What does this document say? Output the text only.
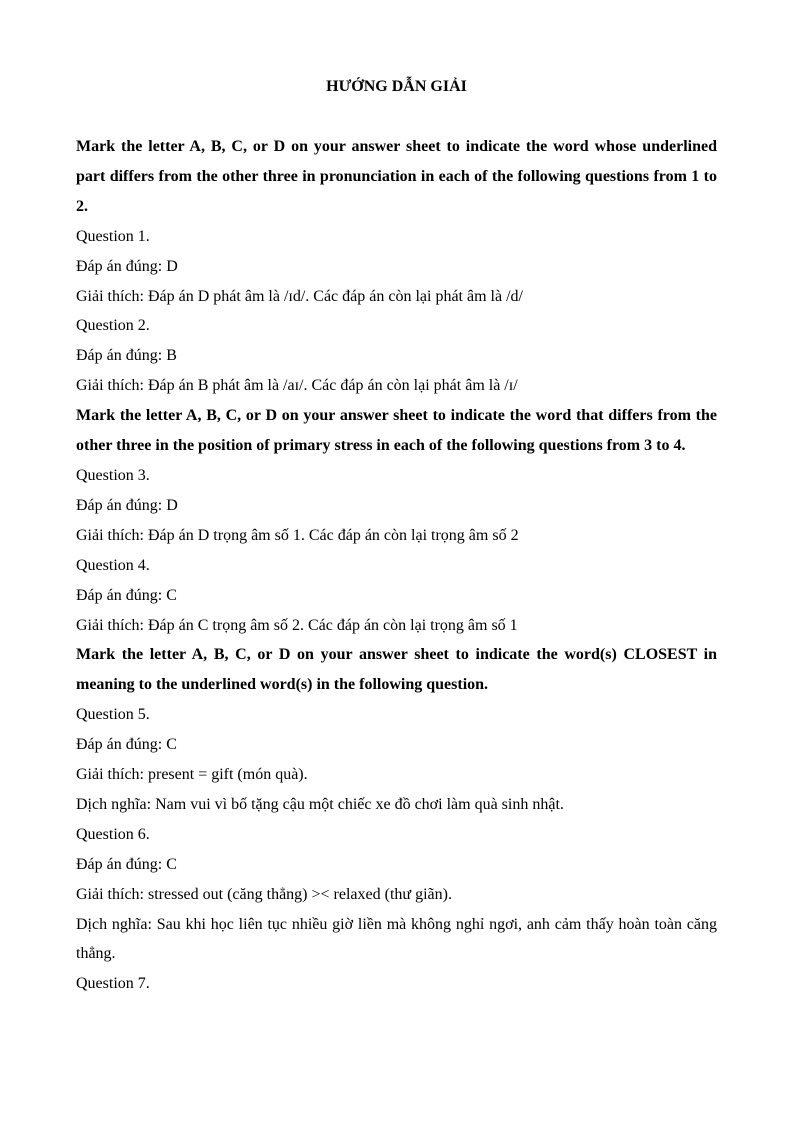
HƯỚNG DẪN GIẢI

Mark the letter A, B, C, or D on your answer sheet to indicate the word whose underlined part differs from the other three in pronunciation in each of the following questions from 1 to 2.

Question 1.

Đáp án đúng: D

Giải thích: Đáp án D phát âm là /ɪd/. Các đáp án còn lại phát âm là /d/

Question 2.

Đáp án đúng: B

Giải thích: Đáp án B phát âm là /aɪ/. Các đáp án còn lại phát âm là /ɪ/

Mark the letter A, B, C, or D on your answer sheet to indicate the word that differs from the other three in the position of primary stress in each of the following questions from 3 to 4.

Question 3.

Đáp án đúng: D

Giải thích: Đáp án D trọng âm số 1. Các đáp án còn lại trọng âm số 2

Question 4.

Đáp án đúng: C

Giải thích: Đáp án C trọng âm số 2. Các đáp án còn lại trọng âm số 1

Mark the letter A, B, C, or D on your answer sheet to indicate the word(s) CLOSEST in meaning to the underlined word(s) in the following question.

Question 5.

Đáp án đúng: C

Giải thích: present = gift (món quà).

Dịch nghĩa: Nam vui vì bố tặng cậu một chiếc xe đồ chơi làm quà sinh nhật.

Question 6.

Đáp án đúng: C

Giải thích: stressed out (căng thẳng) >< relaxed (thư giãn).

Dịch nghĩa: Sau khi học liên tục nhiều giờ liền mà không nghỉ ngơi, anh cảm thấy hoàn toàn căng thẳng.

Question 7.
